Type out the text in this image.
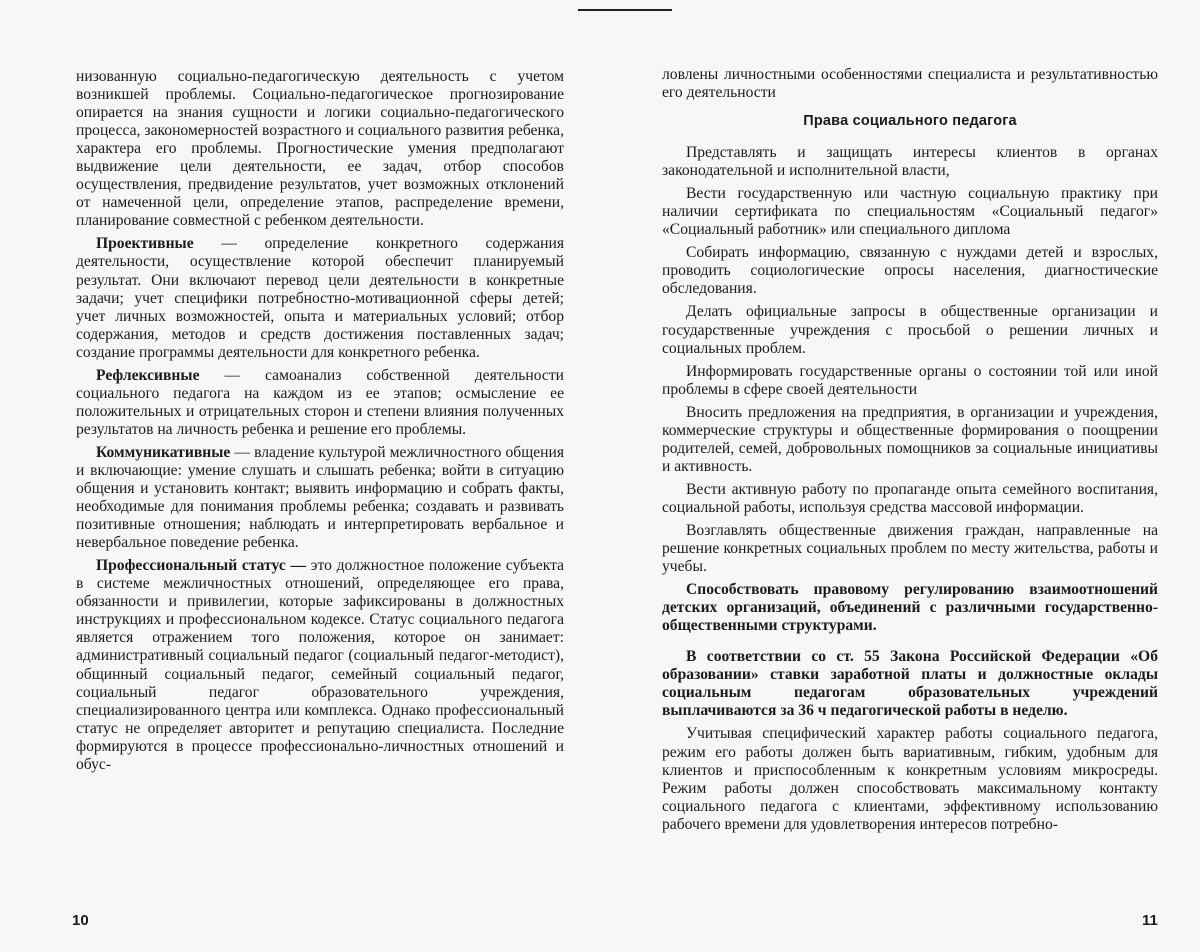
низованную социально-педагогическую деятельность с учетом возникшей проблемы. Социально-педагогическое прогнозирование опирается на знания сущности и логики социально-педагогического процесса, закономерностей возрастного и социального развития ребенка, характера его проблемы. Прогностические умения предполагают выдвижение цели деятельности, ее задач, отбор способов осуществления, предвидение результатов, учет возможных отклонений от намеченной цели, определение этапов, распределение времени, планирование совместной с ребенком деятельности.

Проективные — определение конкретного содержания деятельности, осуществление которой обеспечит планируемый результат. Они включают перевод цели деятельности в конкретные задачи; учет специфики потребностно-мотивационной сферы детей; учет личных возможностей, опыта и материальных условий; отбор содержания, методов и средств достижения поставленных задач; создание программы деятельности для конкретного ребенка.

Рефлексивные — самоанализ собственной деятельности социального педагога на каждом из ее этапов; осмысление ее положительных и отрицательных сторон и степени влияния полученных результатов на личность ребенка и решение его проблемы.

Коммуникативные — владение культурой межличностного общения и включающие: умение слушать и слышать ребенка; войти в ситуацию общения и установить контакт; выявить информацию и собрать факты, необходимые для понимания проблемы ребенка; создавать и развивать позитивные отношения; наблюдать и интерпретировать вербальное и невербальное поведение ребенка.

Профессиональный статус — это должностное положение субъекта в системе межличностных отношений, определяющее его права, обязанности и привилегии, которые зафиксированы в должностных инструкциях и профессиональном кодексе. Статус социального педагога является отражением того положения, которое он занимает: административный социальный педагог (социальный педагог-методист), общинный социальный педагог, семейный социальный педагог, социальный педагог образовательного учреждения, специализированного центра или комплекса. Однако профессиональный статус не определяет авторитет и репутацию специалиста. Последние формируются в процессе профессионально-личностных отношений и обус-

10

ловлены личностными особенностями специалиста и результативностью его деятельности

Права социального педагога

Представлять и защищать интересы клиентов в органах законодательной и исполнительной власти,

Вести государственную или частную социальную практику при наличии сертификата по специальностям «Социальный педагог» «Социальный работник» или специального диплома

Собирать информацию, связанную с нуждами детей и взрослых, проводить социологические опросы населения, диагностические обследования.

Делать официальные запросы в общественные организации и государственные учреждения с просьбой о решении личных и социальных проблем.

Информировать государственные органы о состоянии той или иной проблемы в сфере своей деятельности

Вносить предложения на предприятия, в организации и учреждения, коммерческие структуры и общественные формирования о поощрении родителей, семей, добровольных помощников за социальные инициативы и активность.

Вести активную работу по пропаганде опыта семейного воспитания, социальной работы, используя средства массовой информации.

Возглавлять общественные движения граждан, направленные на решение конкретных социальных проблем по месту жительства, работы и учебы.

Способствовать правовому регулированию взаимоотношений детских организаций, объединений с различными государственно-общественными структурами.

В соответствии со ст. 55 Закона Российской Федерации «Об образовании» ставки заработной платы и должностные оклады социальным педагогам образовательных учреждений выплачиваются за 36 ч педагогической работы в неделю.

Учитывая специфический характер работы социального педагога, режим его работы должен быть вариативным, гибким, удобным для клиентов и приспособленным к конкретным условиям микросреды. Режим работы должен способствовать максимальному контакту социального педагога с клиентами, эффективному использованию рабочего времени для удовлетворения интересов потребно-

11
